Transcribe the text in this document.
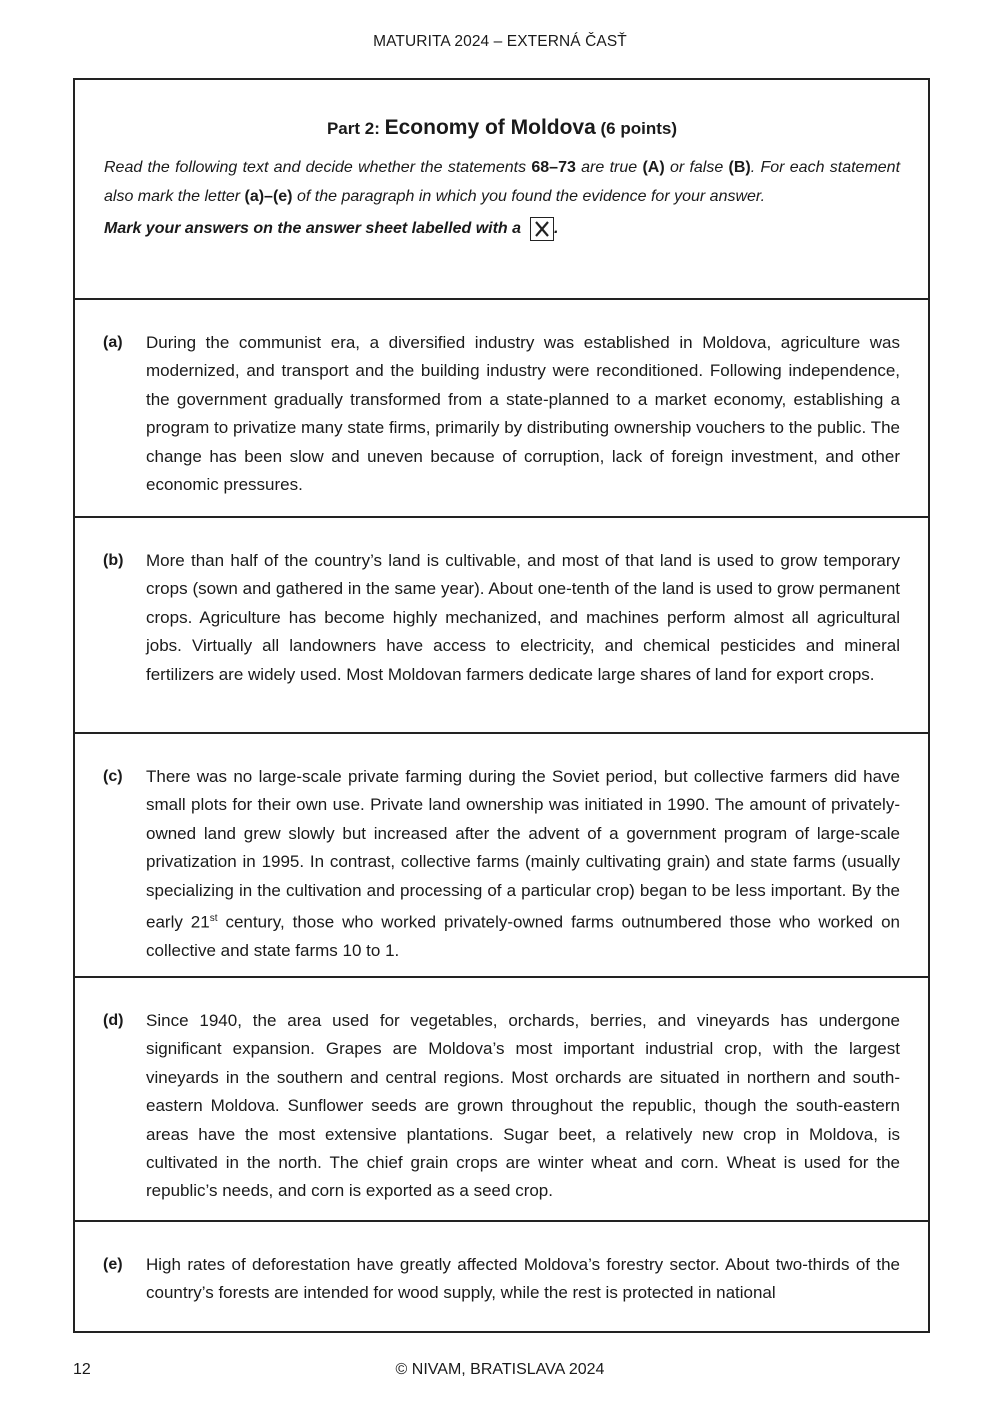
MATURITA 2024 – EXTERNÁ ČASŤ
Part 2: Economy of Moldova (6 points)

Read the following text and decide whether the statements 68–73 are true (A) or false (B). For each statement also mark the letter (a)–(e) of the paragraph in which you found the evidence for your answer.

Mark your answers on the answer sheet labelled with a .
(a)	During the communist era, a diversified industry was established in Moldova, agriculture was modernized, and transport and the building industry were reconditioned. Following independence, the government gradually transformed from a state-planned to a market economy, establishing a program to privatize many state firms, primarily by distributing ownership vouchers to the public. The change has been slow and uneven because of corruption, lack of foreign investment, and other economic pressures.

(b)	More than half of the country’s land is cultivable, and most of that land is used to grow temporary crops (sown and gathered in the same year). About one-tenth of the land is used to grow permanent crops. Agriculture has become highly mechanized, and machines perform almost all agricultural jobs. Virtually all landowners have access to electricity, and chemical pesticides and mineral fertilizers are widely used. Most Moldovan farmers dedicate large shares of land for export crops.

(c)	There was no large-scale private farming during the Soviet period, but collective farmers did have small plots for their own use. Private land ownership was initiated in 1990. The amount of privately-owned land grew slowly but increased after the advent of a government program of large-scale privatization in 1995. In contrast, collective farms (mainly cultivating grain) and state farms (usually specializing in the cultivation and processing of a particular crop) began to be less important. By the early 21st century, those who worked privately-owned farms outnumbered those who worked on collective and state farms 10 to 1.

(d)	Since 1940, the area used for vegetables, orchards, berries, and vineyards has undergone significant expansion. Grapes are Moldova’s most important industrial crop, with the largest vineyards in the southern and central regions. Most orchards are situated in northern and south-eastern Moldova. Sunflower seeds are grown throughout the republic, though the south-eastern areas have the most extensive plantations. Sugar beet, a relatively new crop in Moldova, is cultivated in the north. The chief grain crops are winter wheat and corn. Wheat is used for the republic’s needs, and corn is exported as a seed crop.

(e)	High rates of deforestation have greatly affected Moldova’s forestry sector. About two-thirds of the country’s forests are intended for wood supply, while the rest is protected in national

12	© NIVAM, BRATISLAVA 2024
